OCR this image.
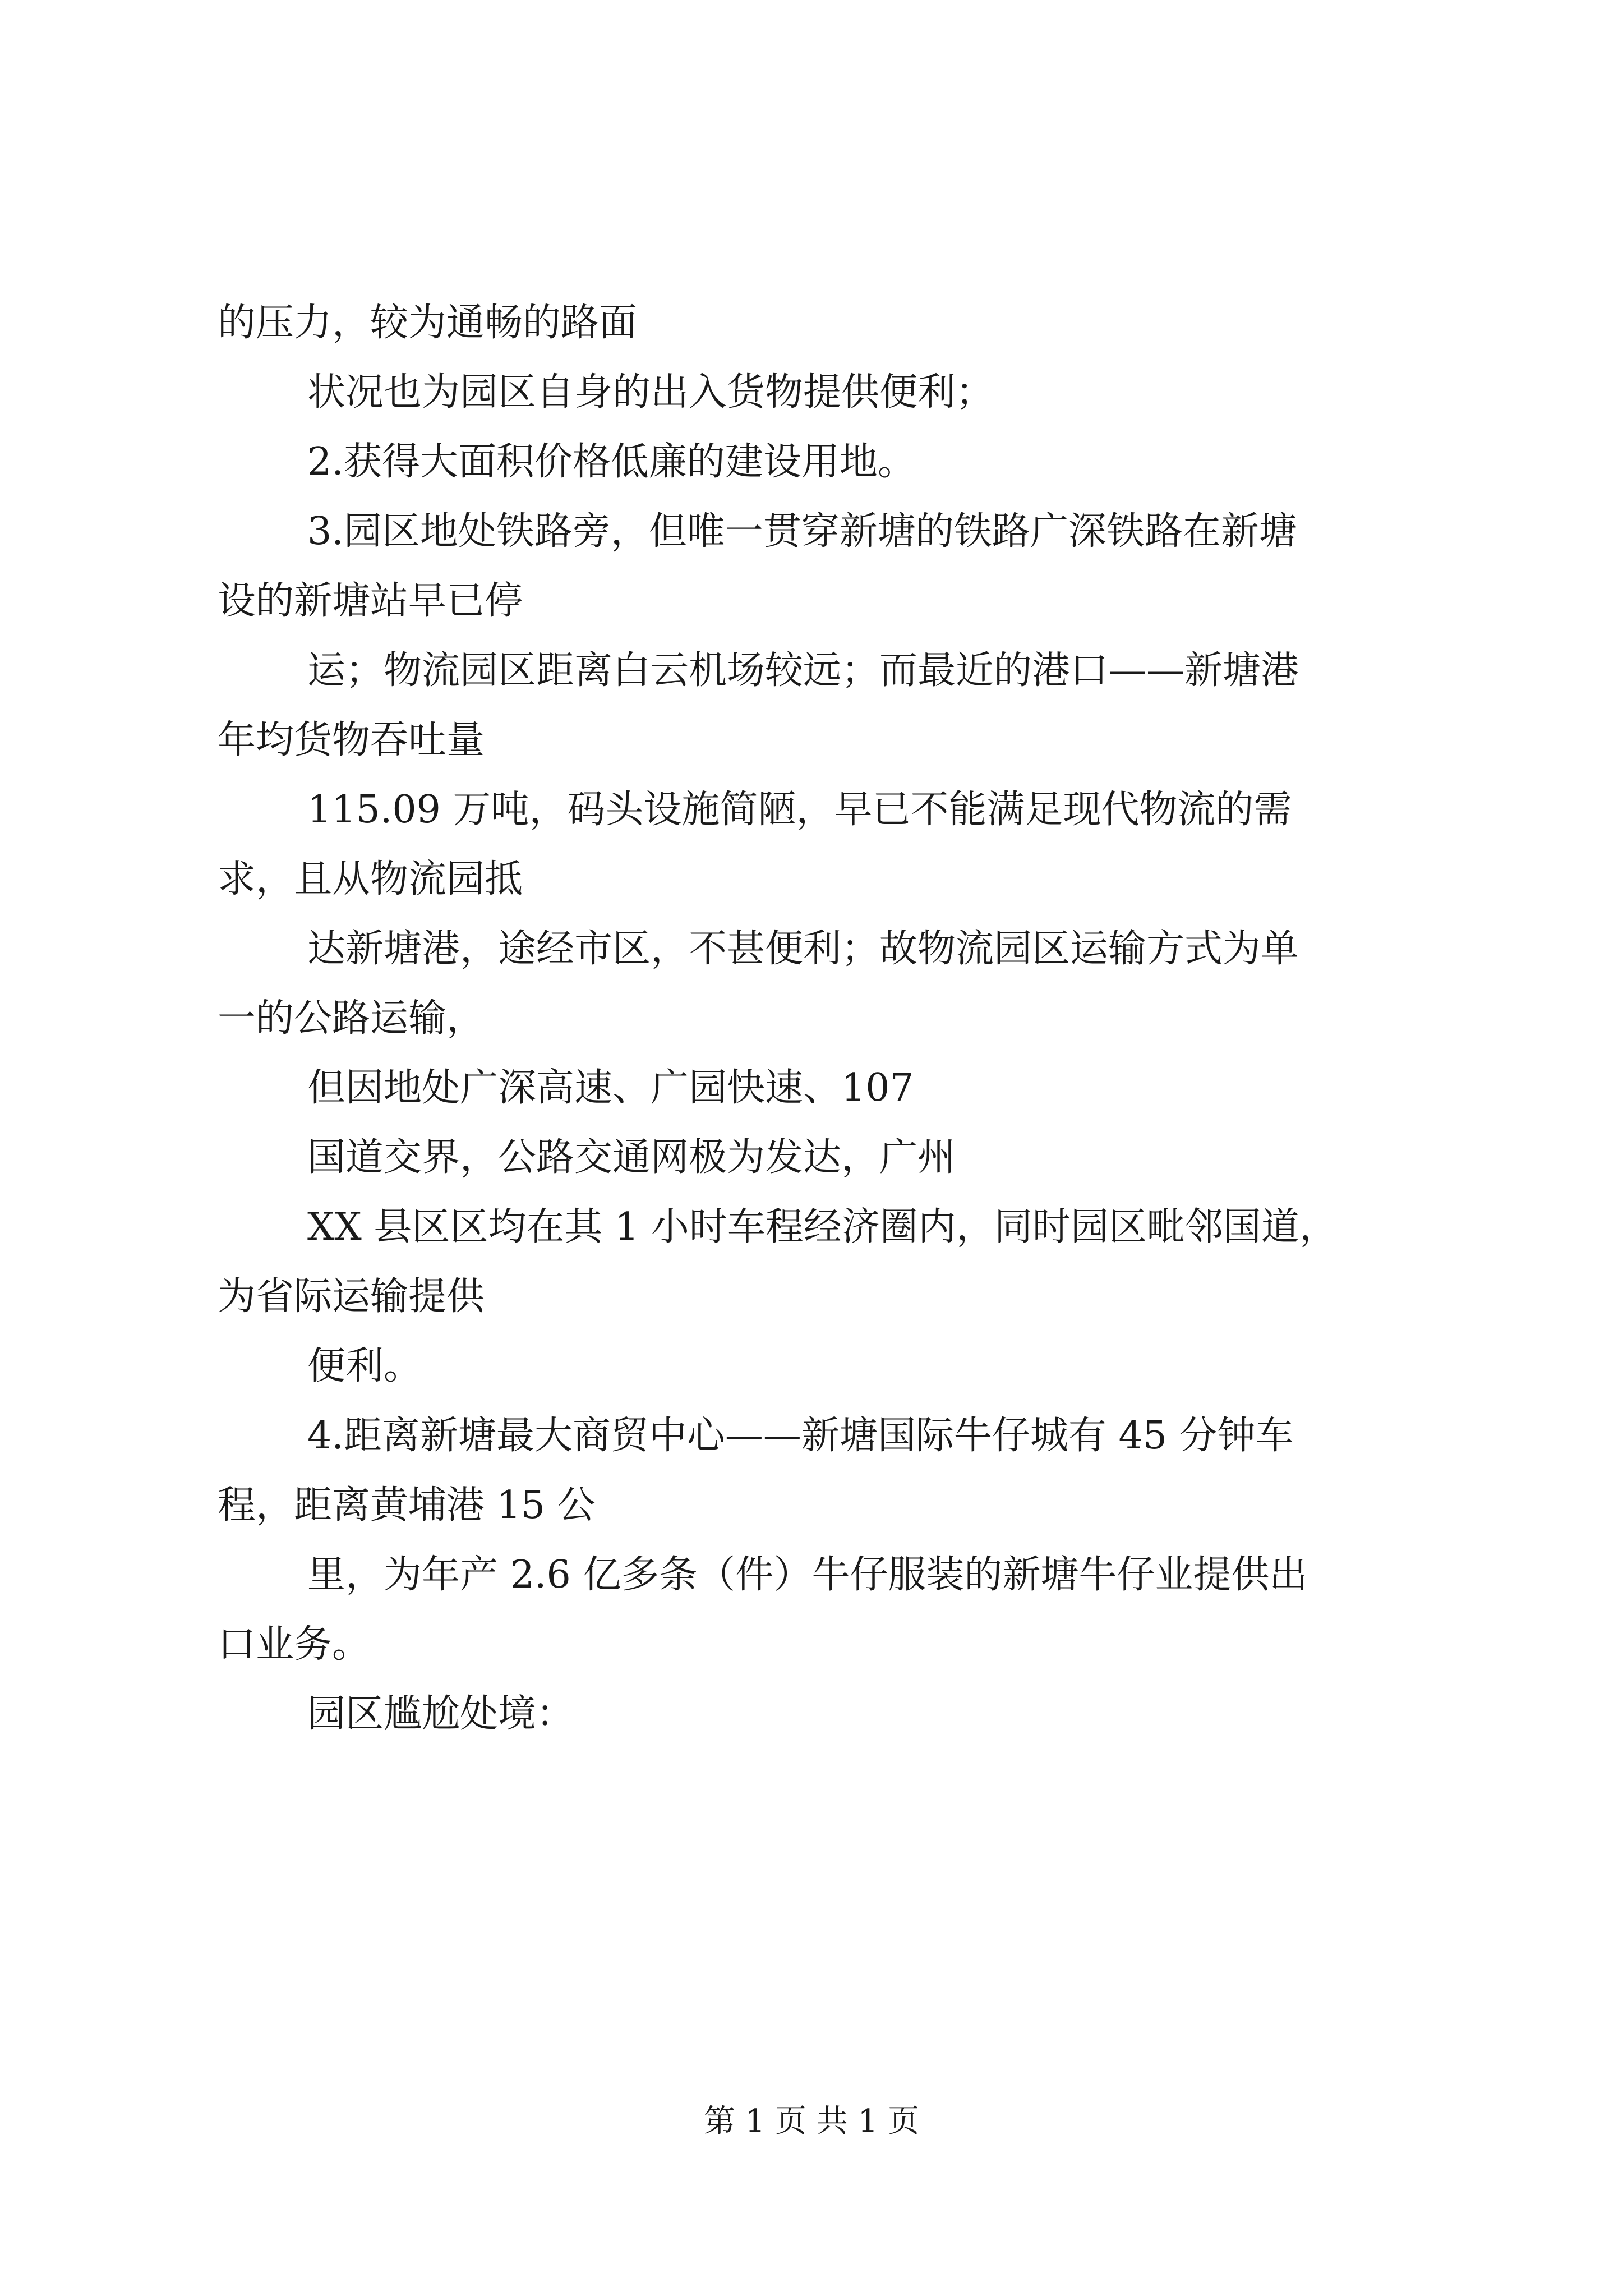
的压力，较为通畅的路面
状况也为园区自身的出入货物提供便利；
2.获得大面积价格低廉的建设用地。
3.园区地处铁路旁，但唯一贯穿新塘的铁路广深铁路在新塘
设的新塘站早已停
运；物流园区距离白云机场较远；而最近的港口——新塘港
年均货物吞吐量
115.09 万吨，码头设施简陋，早已不能满足现代物流的需
求，且从物流园抵
达新塘港，途经市区，不甚便利；故物流园区运输方式为单
一的公路运输，
但因地处广深高速、广园快速、107
国道交界，公路交通网极为发达，广州
XX 县区区均在其 1 小时车程经济圈内，同时园区毗邻国道，
为省际运输提供
便利。
4.距离新塘最大商贸中心——新塘国际牛仔城有 45 分钟车
程，距离黄埔港 15 公
里，为年产 2.6 亿多条（件）牛仔服装的新塘牛仔业提供出
口业务。
园区尴尬处境：
第 1 页 共 1 页
